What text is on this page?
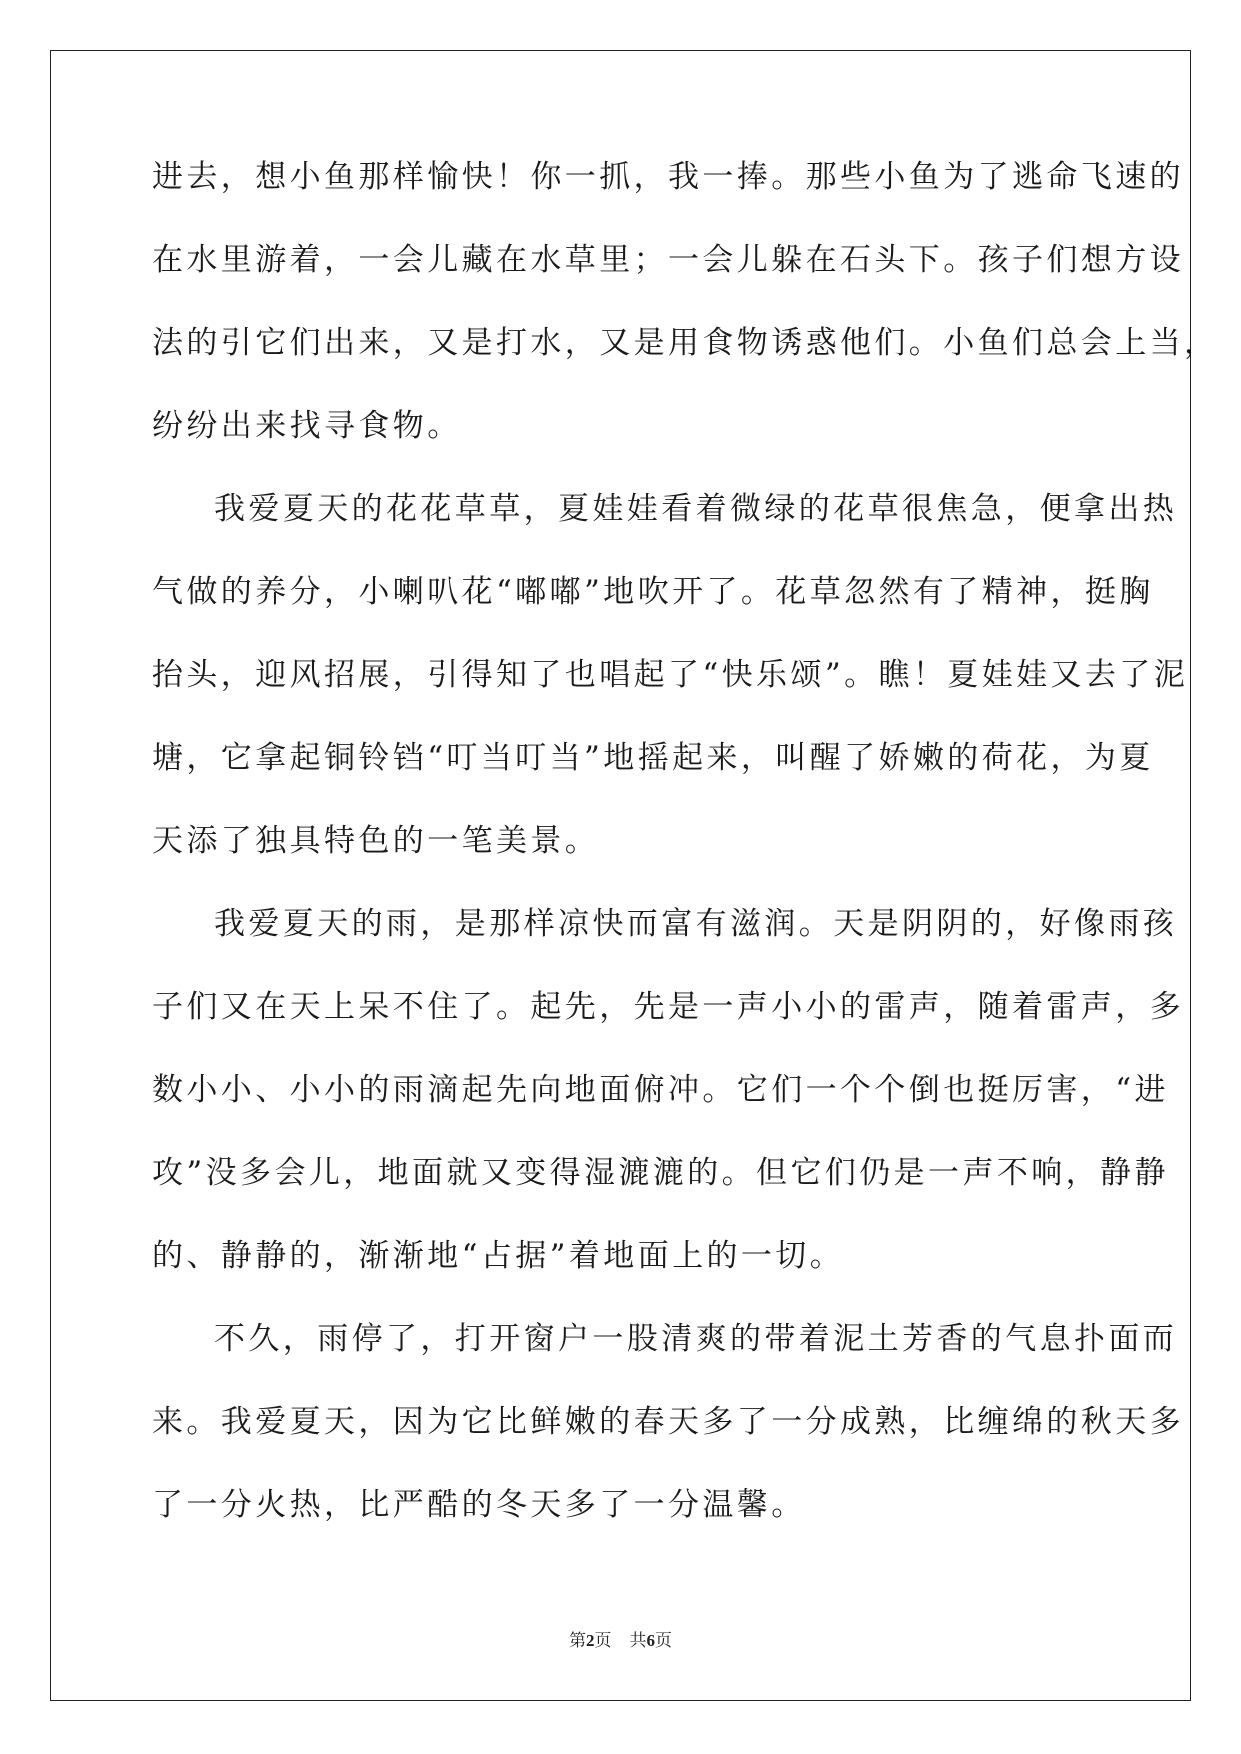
进去，想小鱼那样愉快！你一抓，我一捧。那些小鱼为了逃命飞速的
在水里游着，一会儿藏在水草里；一会儿躲在石头下。孩子们想方设
法的引它们出来，又是打水，又是用食物诱惑他们。小鱼们总会上当，
纷纷出来找寻食物。
我爱夏天的花花草草，夏娃娃看着微绿的花草很焦急，便拿出热
气做的养分，小喇叭花“嘟嘟”地吹开了。花草忽然有了精神，挺胸
抬头，迎风招展，引得知了也唱起了“快乐颂”。瞧！夏娃娃又去了泥
塘，它拿起铜铃铛“叮当叮当”地摇起来，叫醒了娇嫩的荷花，为夏
天添了独具特色的一笔美景。
我爱夏天的雨，是那样凉快而富有滋润。天是阴阴的，好像雨孩
子们又在天上呆不住了。起先，先是一声小小的雷声，随着雷声，多
数小小、小小的雨滴起先向地面俯冲。它们一个个倒也挺厉害，“进
攻”没多会儿，地面就又变得湿漉漉的。但它们仍是一声不响，静静
的、静静的，渐渐地“占据”着地面上的一切。
不久，雨停了，打开窗户一股清爽的带着泥土芳香的气息扑面而
来。我爱夏天，因为它比鲜嫩的春天多了一分成熟，比缠绵的秋天多
了一分火热，比严酷的冬天多了一分温馨。
第2页 共6页
